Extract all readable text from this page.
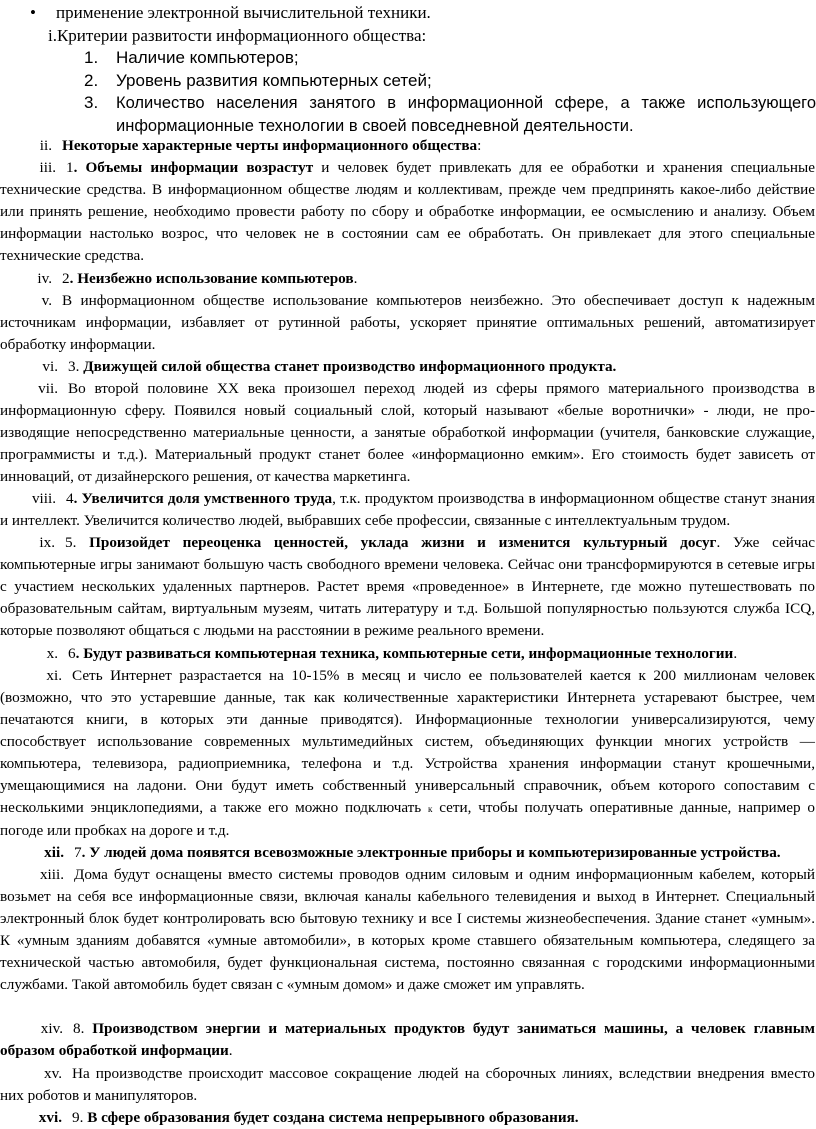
• применение электронной вычислительной техники.
i.Критерии развитости информационного общества:
1. Наличие компьютеров;
2. Уровень развития компьютерных сетей;
3. Количество населения занятого в информационной сфере, а также использующего информационные технологии в своей повседневной деятельности.
ii. Некоторые характерные черты информационного общества:
iii. 1. Объемы информации возрастут и человек будет привлекать для ее обработки и хранения специальные технические средства. В информационном обществе людям и коллективам, прежде чем предпринять какое-либо действие или принять решение, необходимо провести работу по сбору и обработке информации, ее осмыслению и анализу. Объем информации настолько возрос, что человек не в состоянии сам ее обработать. Он привлекает для этого специальные технические средства.
iv. 2. Неизбежно использование компьютеров.
v. В информационном обществе использование компьютеров неизбежно. Это обеспечивает доступ к надежным источникам информации, избавляет от рутинной работы, ускоряет принятие оптимальных решений, автоматизирует обработку информации.
vi. 3. Движущей силой общества станет производство информационного продукта.
vii. Во второй половине XX века произошел переход людей из сферы прямого материального производства в информационную сферу. Появился новый социальный слой, который называют «белые воротнички» - люди, не про-изводящие непосредственно материальные ценности, а занятые обработкой информации (учителя, банковские служащие, программисты и т.д.). Материальный продукт станет более «информационно емким». Его стоимость будет зависеть от инноваций, от дизайнерского решения, от качества маркетинга.
viii. 4. Увеличится доля умственного труда, т.к. продуктом производства в информационном обществе станут знания и интеллект. Увеличится количество людей, выбравших себе профессии, связанные с интеллектуальным трудом.
ix. 5. Произойдет переоценка ценностей, уклада жизни и изменится культурный досуг. Уже сейчас компьютерные игры занимают большую часть свободного времени человека. Сейчас они трансформируются в сетевые игры с участием нескольких удаленных партнеров. Растет время «проведенное» в Интернете, где можно путешествовать по образовательным сайтам, виртуальным музеям, читать литературу и т.д. Большой популярностью пользуются служба ICQ, которые позволяют общаться с людьми на расстоянии в режиме реального времени.
x. 6. Будут развиваться компьютерная техника, компьютерные сети, информационные технологии.
xi. Сеть Интернет разрастается на 10-15% в месяц и число ее пользователей кается к 200 миллионам человек (возможно, что это устаревшие данные, так как количественные характеристики Интернета устаревают быстрее, чем печатаются книги, в которых эти данные приводятся). Информационные технологии универсализируются, чему способствует использование современных мультимедийных систем, объединяющих функции многих устройств — компьютера, телевизора, радиоприемника, телефона и т.д. Устройства хранения информации станут крошечными, умещающимися на ладони. Они будут иметь собственный универсальный справочник, объем которого сопоставим с несколькими энциклопедиями, а также его можно подключать к сети, чтобы получать оперативные данные, например о погоде или пробках на дороге и т.д.
xii. 7. У людей дома появятся всевозможные электронные приборы и компьютеризированные устройства.
xiii. Дома будут оснащены вместо системы проводов одним силовым и одним информационным кабелем, который возьмет на себя все информационные связи, включая каналы кабельного телевидения и выход в Интернет. Специальный электронный блок будет контролировать всю бытовую технику и все I системы жизнеобеспечения. Здание станет «умным». К «умным зданиям добавятся «умные автомобили», в которых кроме ставшего обязательным компьютера, следящего за технической частью автомобиля, будет функциональная система, постоянно связанная с городскими информационными службами. Такой автомобиль будет связан с «умным домом» и даже сможет им управлять.
xiv. 8. Производством энергии и материальных продуктов будут заниматься машины, а человек главным образом обработкой информации.
xv. На производстве происходит массовое сокращение людей на сборочных линиях, вследствии внедрения вместо них роботов и манипуляторов.
xvi. 9. В сфере образования будет создана система непрерывного образования.
